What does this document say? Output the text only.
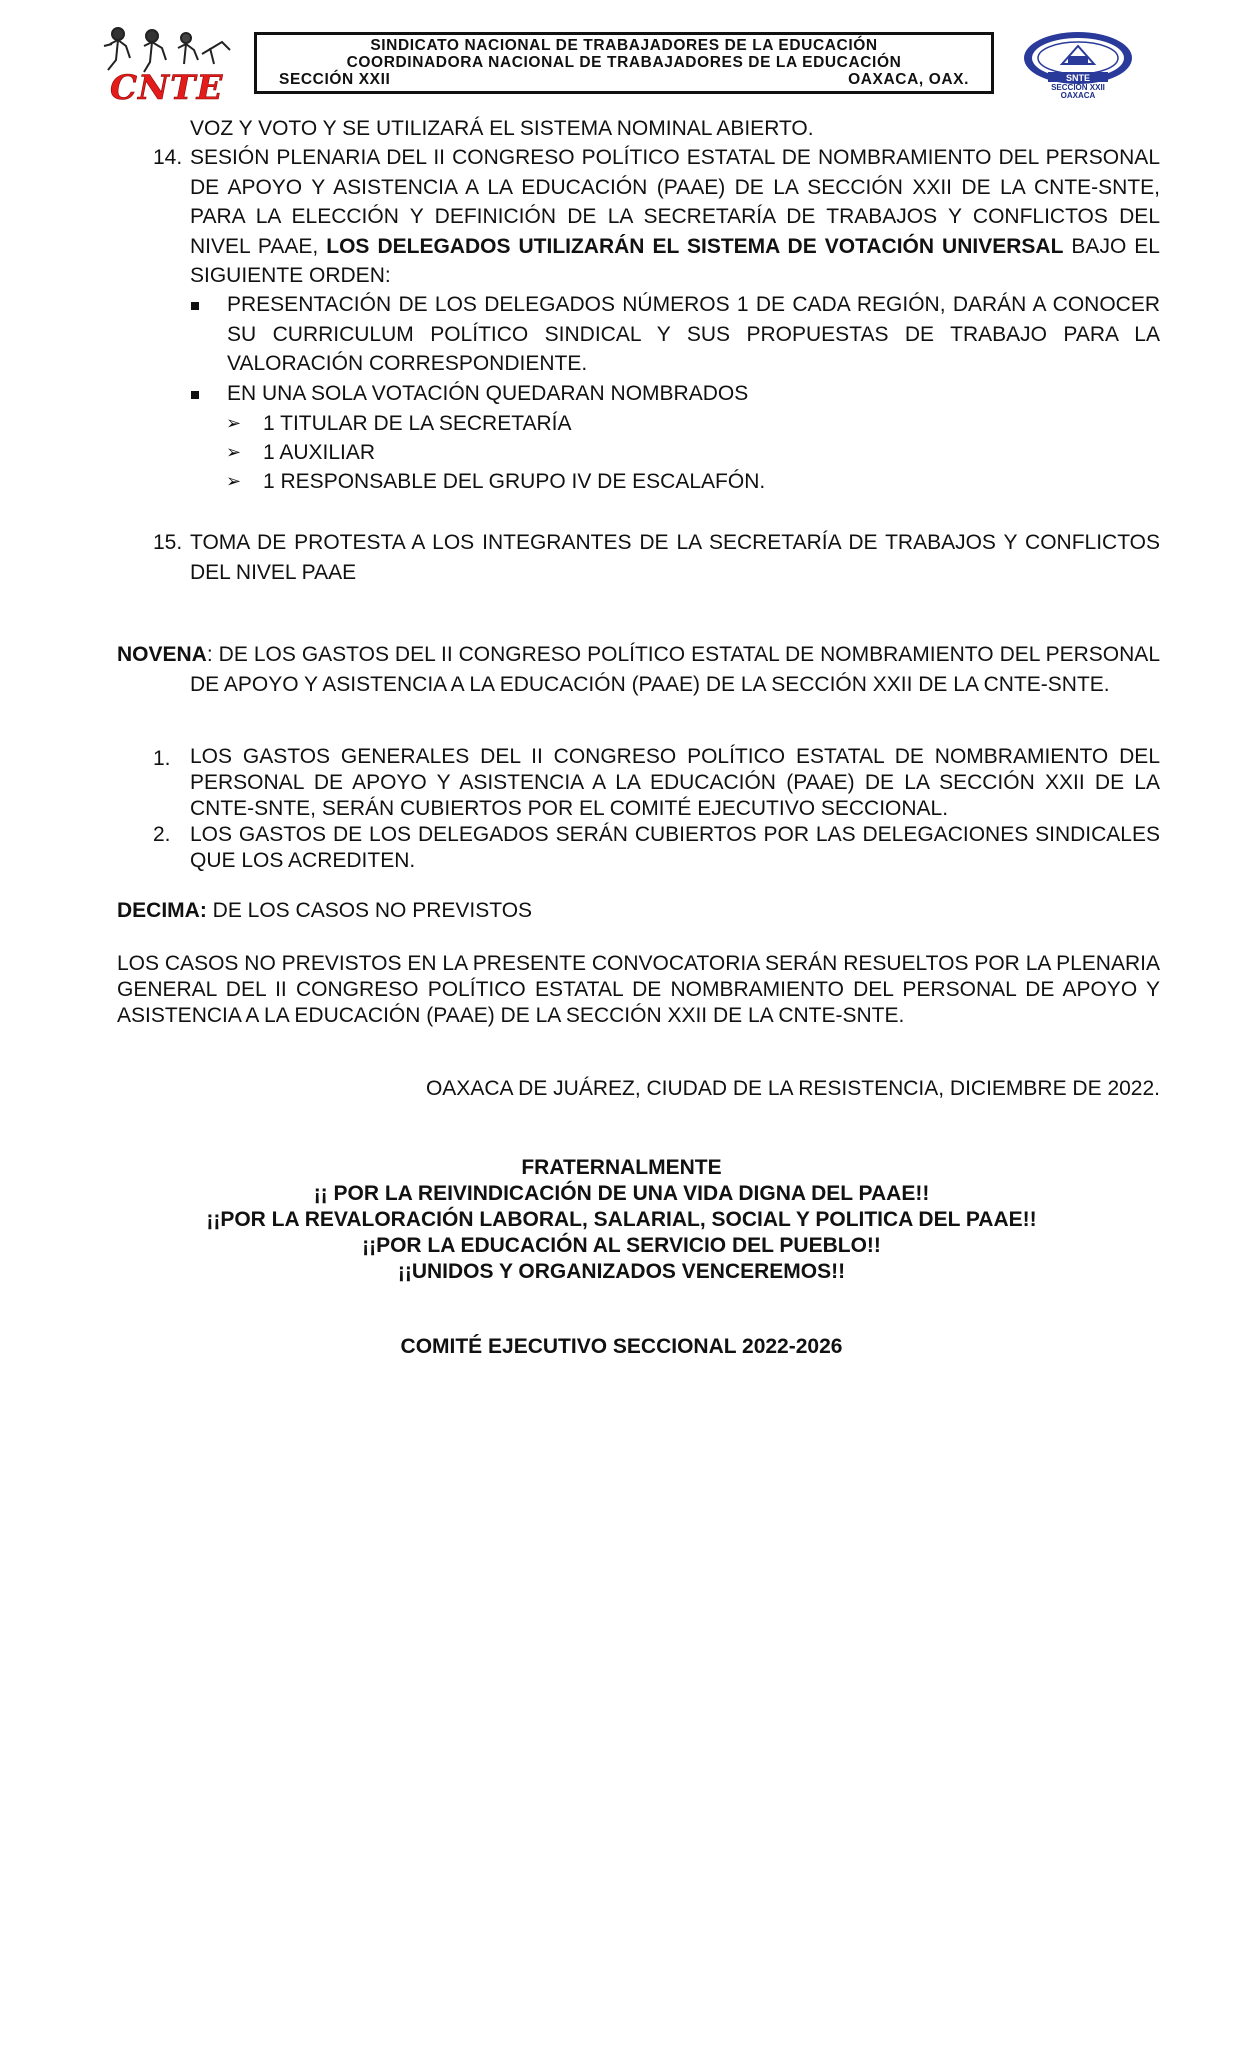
CNTE
SINDICATO NACIONAL DE TRABAJADORES DE LA EDUCACIÓN
COORDINADORA NACIONAL DE TRABAJADORES DE LA EDUCACIÓN
SECCIÓN XXII	OAXACA, OAX.	SNTE
SECCIÓN XXII
OAXACA
VOZ Y VOTO Y SE UTILIZARÁ EL SISTEMA NOMINAL ABIERTO.
14. SESIÓN PLENARIA DEL II CONGRESO POLÍTICO ESTATAL DE NOMBRAMIENTO DEL PERSONAL DE APOYO Y ASISTENCIA A LA EDUCACIÓN (PAAE) DE LA SECCIÓN XXII DE LA CNTE-SNTE, PARA LA ELECCIÓN Y DEFINICIÓN DE LA SECRETARÍA DE TRABAJOS Y CONFLICTOS DEL NIVEL PAAE, LOS DELEGADOS UTILIZARÁN EL SISTEMA DE VOTACIÓN UNIVERSAL BAJO EL SIGUIENTE ORDEN:
PRESENTACIÓN DE LOS DELEGADOS NÚMEROS 1 DE CADA REGIÓN, DARÁN A CONOCER SU CURRICULUM POLÍTICO SINDICAL Y SUS PROPUESTAS DE TRABAJO PARA LA VALORACIÓN CORRESPONDIENTE.
EN UNA SOLA VOTACIÓN QUEDARAN NOMBRADOS
➢ 1 TITULAR DE LA SECRETARÍA
➢ 1 AUXILIAR
➢ 1 RESPONSABLE DEL GRUPO IV DE ESCALAFÓN.
15. TOMA DE PROTESTA A LOS INTEGRANTES DE LA SECRETARÍA DE TRABAJOS Y CONFLICTOS DEL NIVEL PAAE
NOVENA: DE LOS GASTOS DEL II CONGRESO POLÍTICO ESTATAL DE NOMBRAMIENTO DEL PERSONAL DE APOYO Y ASISTENCIA A LA EDUCACIÓN (PAAE) DE LA SECCIÓN XXII DE LA CNTE-SNTE.
1. LOS GASTOS GENERALES DEL II CONGRESO POLÍTICO ESTATAL DE NOMBRAMIENTO DEL PERSONAL DE APOYO Y ASISTENCIA A LA EDUCACIÓN (PAAE) DE LA SECCIÓN XXII DE LA CNTE-SNTE, SERÁN CUBIERTOS POR EL COMITÉ EJECUTIVO SECCIONAL.
2. LOS GASTOS DE LOS DELEGADOS SERÁN CUBIERTOS POR LAS DELEGACIONES SINDICALES QUE LOS ACREDITEN.
DECIMA: DE LOS CASOS NO PREVISTOS
LOS CASOS NO PREVISTOS EN LA PRESENTE CONVOCATORIA SERÁN RESUELTOS POR LA PLENARIA GENERAL DEL II CONGRESO POLÍTICO ESTATAL DE NOMBRAMIENTO DEL PERSONAL DE APOYO Y ASISTENCIA A LA EDUCACIÓN (PAAE) DE LA SECCIÓN XXII DE LA CNTE-SNTE.
OAXACA DE JUÁREZ, CIUDAD DE LA RESISTENCIA, DICIEMBRE DE 2022.
FRATERNALMENTE
¡¡ POR LA REIVINDICACIÓN DE UNA VIDA DIGNA DEL PAAE!!
¡¡POR LA REVALORACIÓN LABORAL, SALARIAL, SOCIAL Y POLITICA DEL PAAE!!
¡¡POR LA EDUCACIÓN AL SERVICIO DEL PUEBLO!!
¡¡UNIDOS Y ORGANIZADOS VENCEREMOS!!
COMITÉ EJECUTIVO SECCIONAL 2022-2026
